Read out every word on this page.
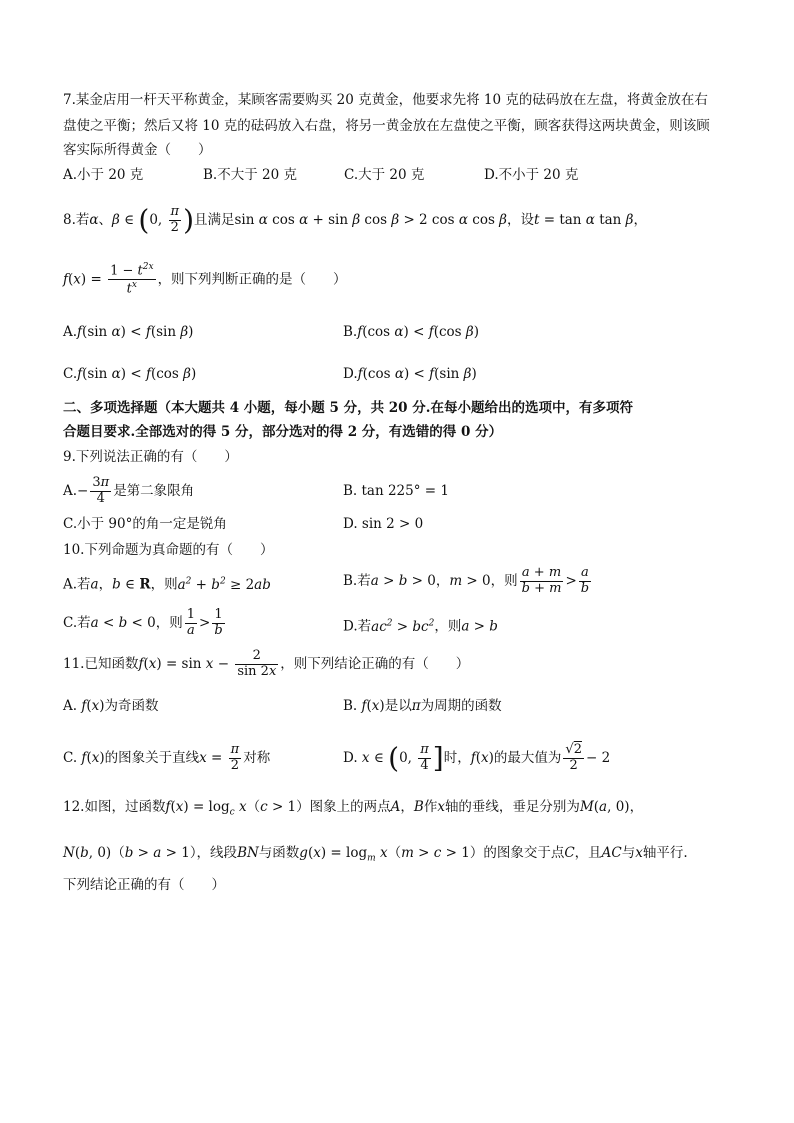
7.某金店用一杆天平称黄金，某顾客需要购买 20 克黄金，他要求先将 10 克的砝码放在左盘，将黄金放在右
盘使之平衡；然后又将 10 克的砝码放入右盘，将另一黄金放在左盘使之平衡，顾客获得这两块黄金，则该顾
客实际所得黄金（　　）
A.小于 20 克	B.不大于 20 克	C.大于 20 克	D.不小于 20 克
8.若α、β ∈ (0, $\frac{\pi}{2}$ )且满足sin α cos α + sin β cos β > 2 cos α cos β，设t = tan α tan β，
$f(x) = \frac{1 - t^{2x}}{t^x}$ ，则下列判断正确的是（　　）
A.f(sin α) < f(sin β)	B.f(cos α) < f(cos β)
C.f(sin α) < f(cos β)	D.f(cos α) < f(sin β)
二、多项选择题（本大题共 4 小题，每小题 5 分，共 20 分.在每小题给出的选项中，有多项符
合题目要求.全部选对的得 5 分，部分选对的得 2 分，有选错的得 0 分）
9.下列说法正确的有（　　）
$A.- \frac{3\pi}{4}$ 是第二象限角	B. tan 225° = 1
C.小于 90°的角一定是锐角	D. sin 2 > 0
10.下列命题为真命题的有（　　）
A.若a，b ∈ R，则$a^2 + b^2 \ge 2ab$	B.若a > b > 0，m > 0，则 $\frac{a + m}{b + m} > \frac{a}{b}$
C.若a < b < 0，则 $\frac{1}{a} > \frac{1}{b}$	D.若$ac^2 > bc^2$，则a > b
11.已知函数$f(x) = \sin x - \frac{2}{\sin 2x}$ ，则下列结论正确的有（　　）
A. f(x)为奇函数	B. f(x)是以π为周期的函数
C. f(x)的图象关于直线$x = \frac{\pi}{2}$ 对称	D. x ∈ (0, $\frac{\pi}{4}$ ]时，f(x)的最大值为 $\frac{√2}{2} - 2$
12.如图，过函数$f(x) = \log_c x(c > 1)$图象上的两点A，B作x轴的垂线，垂足分别为M(a, 0)，
N(b, 0)（b > a > 1），线段BN与函数$g(x) = \log_m x(m > c > 1)$的图象交于点C，且AC与x轴平行.
下列结论正确的有（　　）
